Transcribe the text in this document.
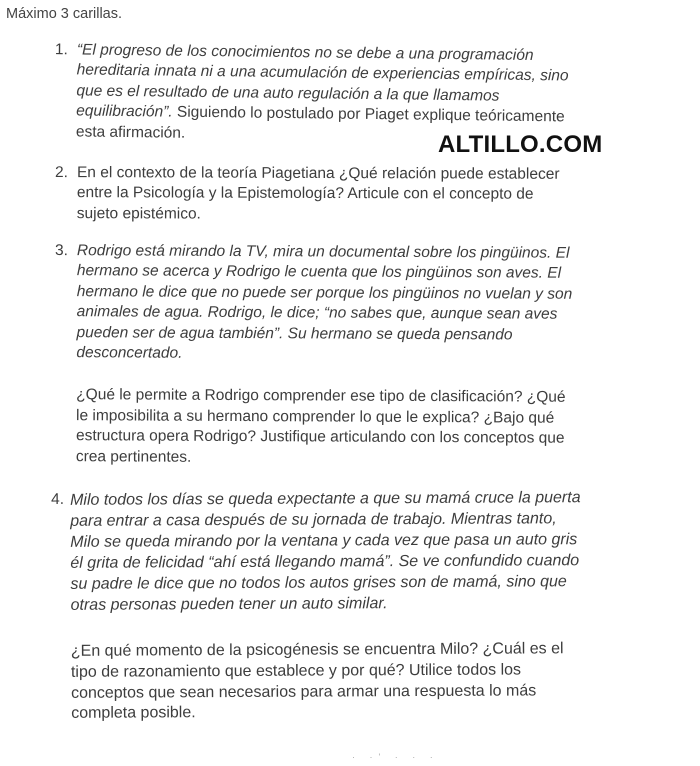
Máximo 3 carillas.
ALTILLO.COM
1. “El progreso de los conocimientos no se debe a una programación
hereditaria innata ni a una acumulación de experiencias empíricas, sino
que es el resultado de una auto regulación a la que llamamos
equilibración”. Siguiendo lo postulado por Piaget explique teóricamente
esta afirmación.
2. En el contexto de la teoría Piagetiana ¿Qué relación puede establecer
entre la Psicología y la Epistemología? Articule con el concepto de
sujeto epistémico.
3. Rodrigo está mirando la TV, mira un documental sobre los pingüinos. El
hermano se acerca y Rodrigo le cuenta que los pingüinos son aves. El
hermano le dice que no puede ser porque los pingüinos no vuelan y son
animales de agua. Rodrigo, le dice; “no sabes que, aunque sean aves
pueden ser de agua también”. Su hermano se queda pensando
desconcertado.
¿Qué le permite a Rodrigo comprender ese tipo de clasificación? ¿Qué
le imposibilita a su hermano comprender lo que le explica? ¿Bajo qué
estructura opera Rodrigo? Justifique articulando con los conceptos que
crea pertinentes.
4. Milo todos los días se queda expectante a que su mamá cruce la puerta
para entrar a casa después de su jornada de trabajo. Mientras tanto,
Milo se queda mirando por la ventana y cada vez que pasa un auto gris
él grita de felicidad “ahí está llegando mamá”. Se ve confundido cuando
su padre le dice que no todos los autos grises son de mamá, sino que
otras personas pueden tener un auto similar.
¿En qué momento de la psicogénesis se encuentra Milo? ¿Cuál es el
tipo de razonamiento que establece y por qué? Utilice todos los
conceptos que sean necesarios para armar una respuesta lo más
completa posible.
· ·' · · ·
